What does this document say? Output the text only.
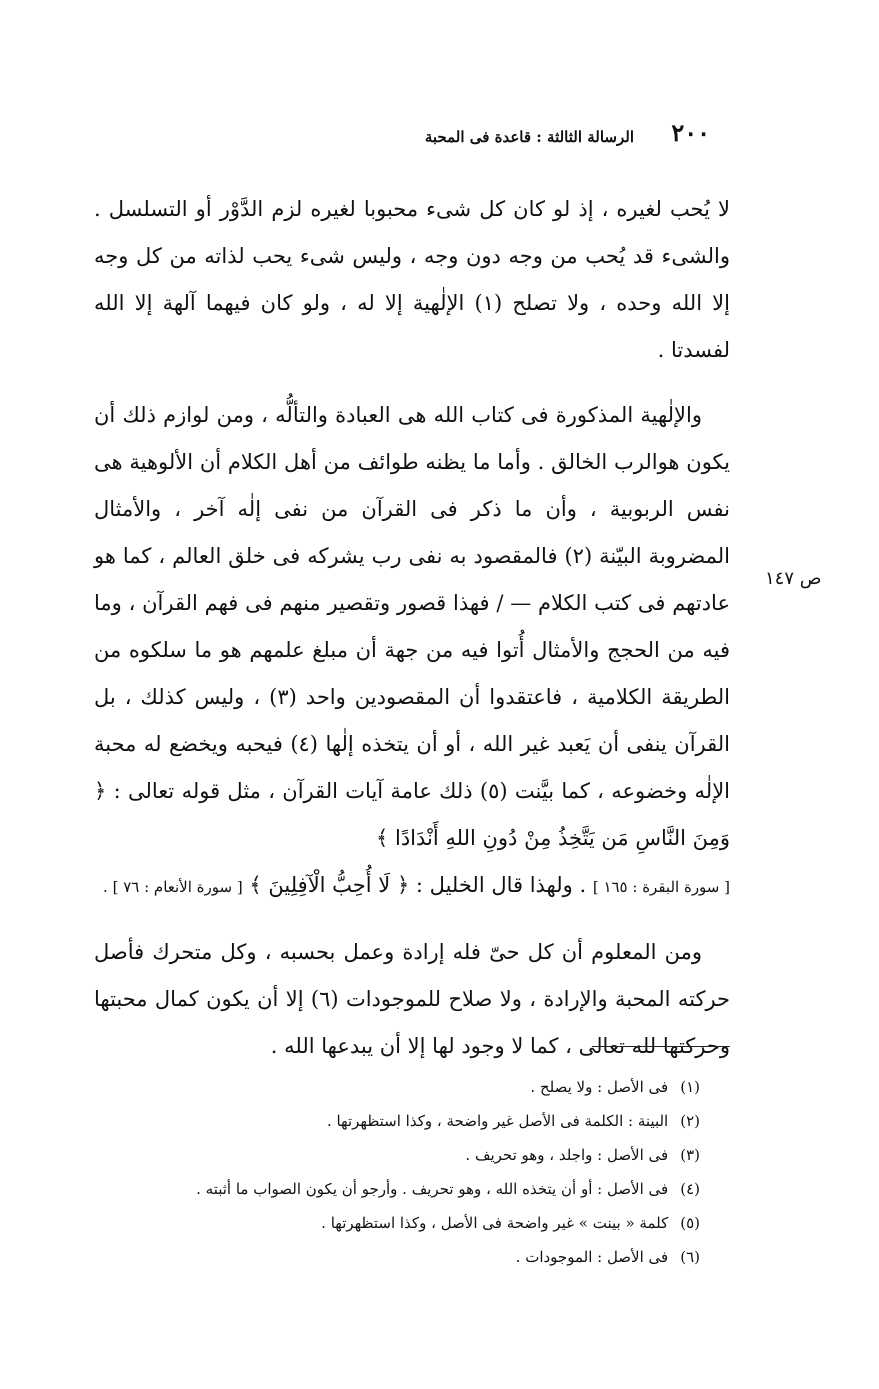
٢٠٠
الرسالة الثالثة : قاعدة فى المحبة
ص ١٤٧

لا يُحب لغيره ، إذ لو كان كل شىء محبوبا لغيره لزم الدَّوْر أو التسلسل . والشىء قد يُحب من وجه دون وجه ، وليس شىء يحب لذاته من كل وجه إلا الله وحده ، ولا تصلح (١) الإلٰهية إلا له ، ولو كان فيهما آلهة إلا الله لفسدتا .

والإلٰهية المذكورة فى كتاب الله هى العبادة والتألُّه ، ومن لوازم ذلك أن يكون هوالرب الخالق . وأما ما يظنه طوائف من أهل الكلام أن الألوهية هى نفس الربوبية ، وأن ما ذكر فى القرآن من نفى إلٰه آخر ، والأمثال المضروبة البيّنة (٢) فالمقصود به نفى رب يشركه فى خلق العالم ، كما هو عادتهم فى كتب الكلام — / فهذا قصور وتقصير منهم فى فهم القرآن ، وما فيه من الحجج والأمثال أُتوا فيه من جهة أن مبلغ علمهم هو ما سلكوه من الطريقة الكلامية ، فاعتقدوا أن المقصودين واحد (٣) ، وليس كذلك ، بل القرآن ينفى أن يَعبد غير الله ، أو أن يتخذه إلٰها (٤) فيحبه ويخضع له محبة الإلٰه وخضوعه ، كما بيَّنت (٥) ذلك عامة آيات القرآن ، مثل قوله تعالى : ﴿ وَمِنَ النَّاسِ مَن يَتَّخِذُ مِنْ دُونِ اللهِ أَنْدَادًا ﴾
[ سورة البقرة : ١٦٥ ] . ولهذا قال الخليل : ﴿ لَا أُحِبُّ الْآفِلِينَ ﴾ [ سورة الأنعام : ٧٦ ] .

ومن المعلوم أن كل حىّ فله إرادة وعمل بحسبه ، وكل متحرك فأصل حركته المحبة والإرادة ، ولا صلاح للموجودات (٦) إلا أن يكون كمال محبتها وحركتها لله تعالى ، كما لا وجود لها إلا أن يبدعها الله .

(١)فى الأصل : ولا يصلح .
(٢)البينة : الكلمة فى الأصل غير واضحة ، وكذا استظهرتها .
(٣)فى الأصل : واجلد ، وهو تحريف .
(٤)فى الأصل : أو أن يتخذه الله ، وهو تحريف . وأرجو أن يكون الصواب ما أثبته .
(٥)كلمة « بينت » غير واضحة فى الأصل ، وكذا استظهرتها .
(٦)فى الأصل : الموجودات .
